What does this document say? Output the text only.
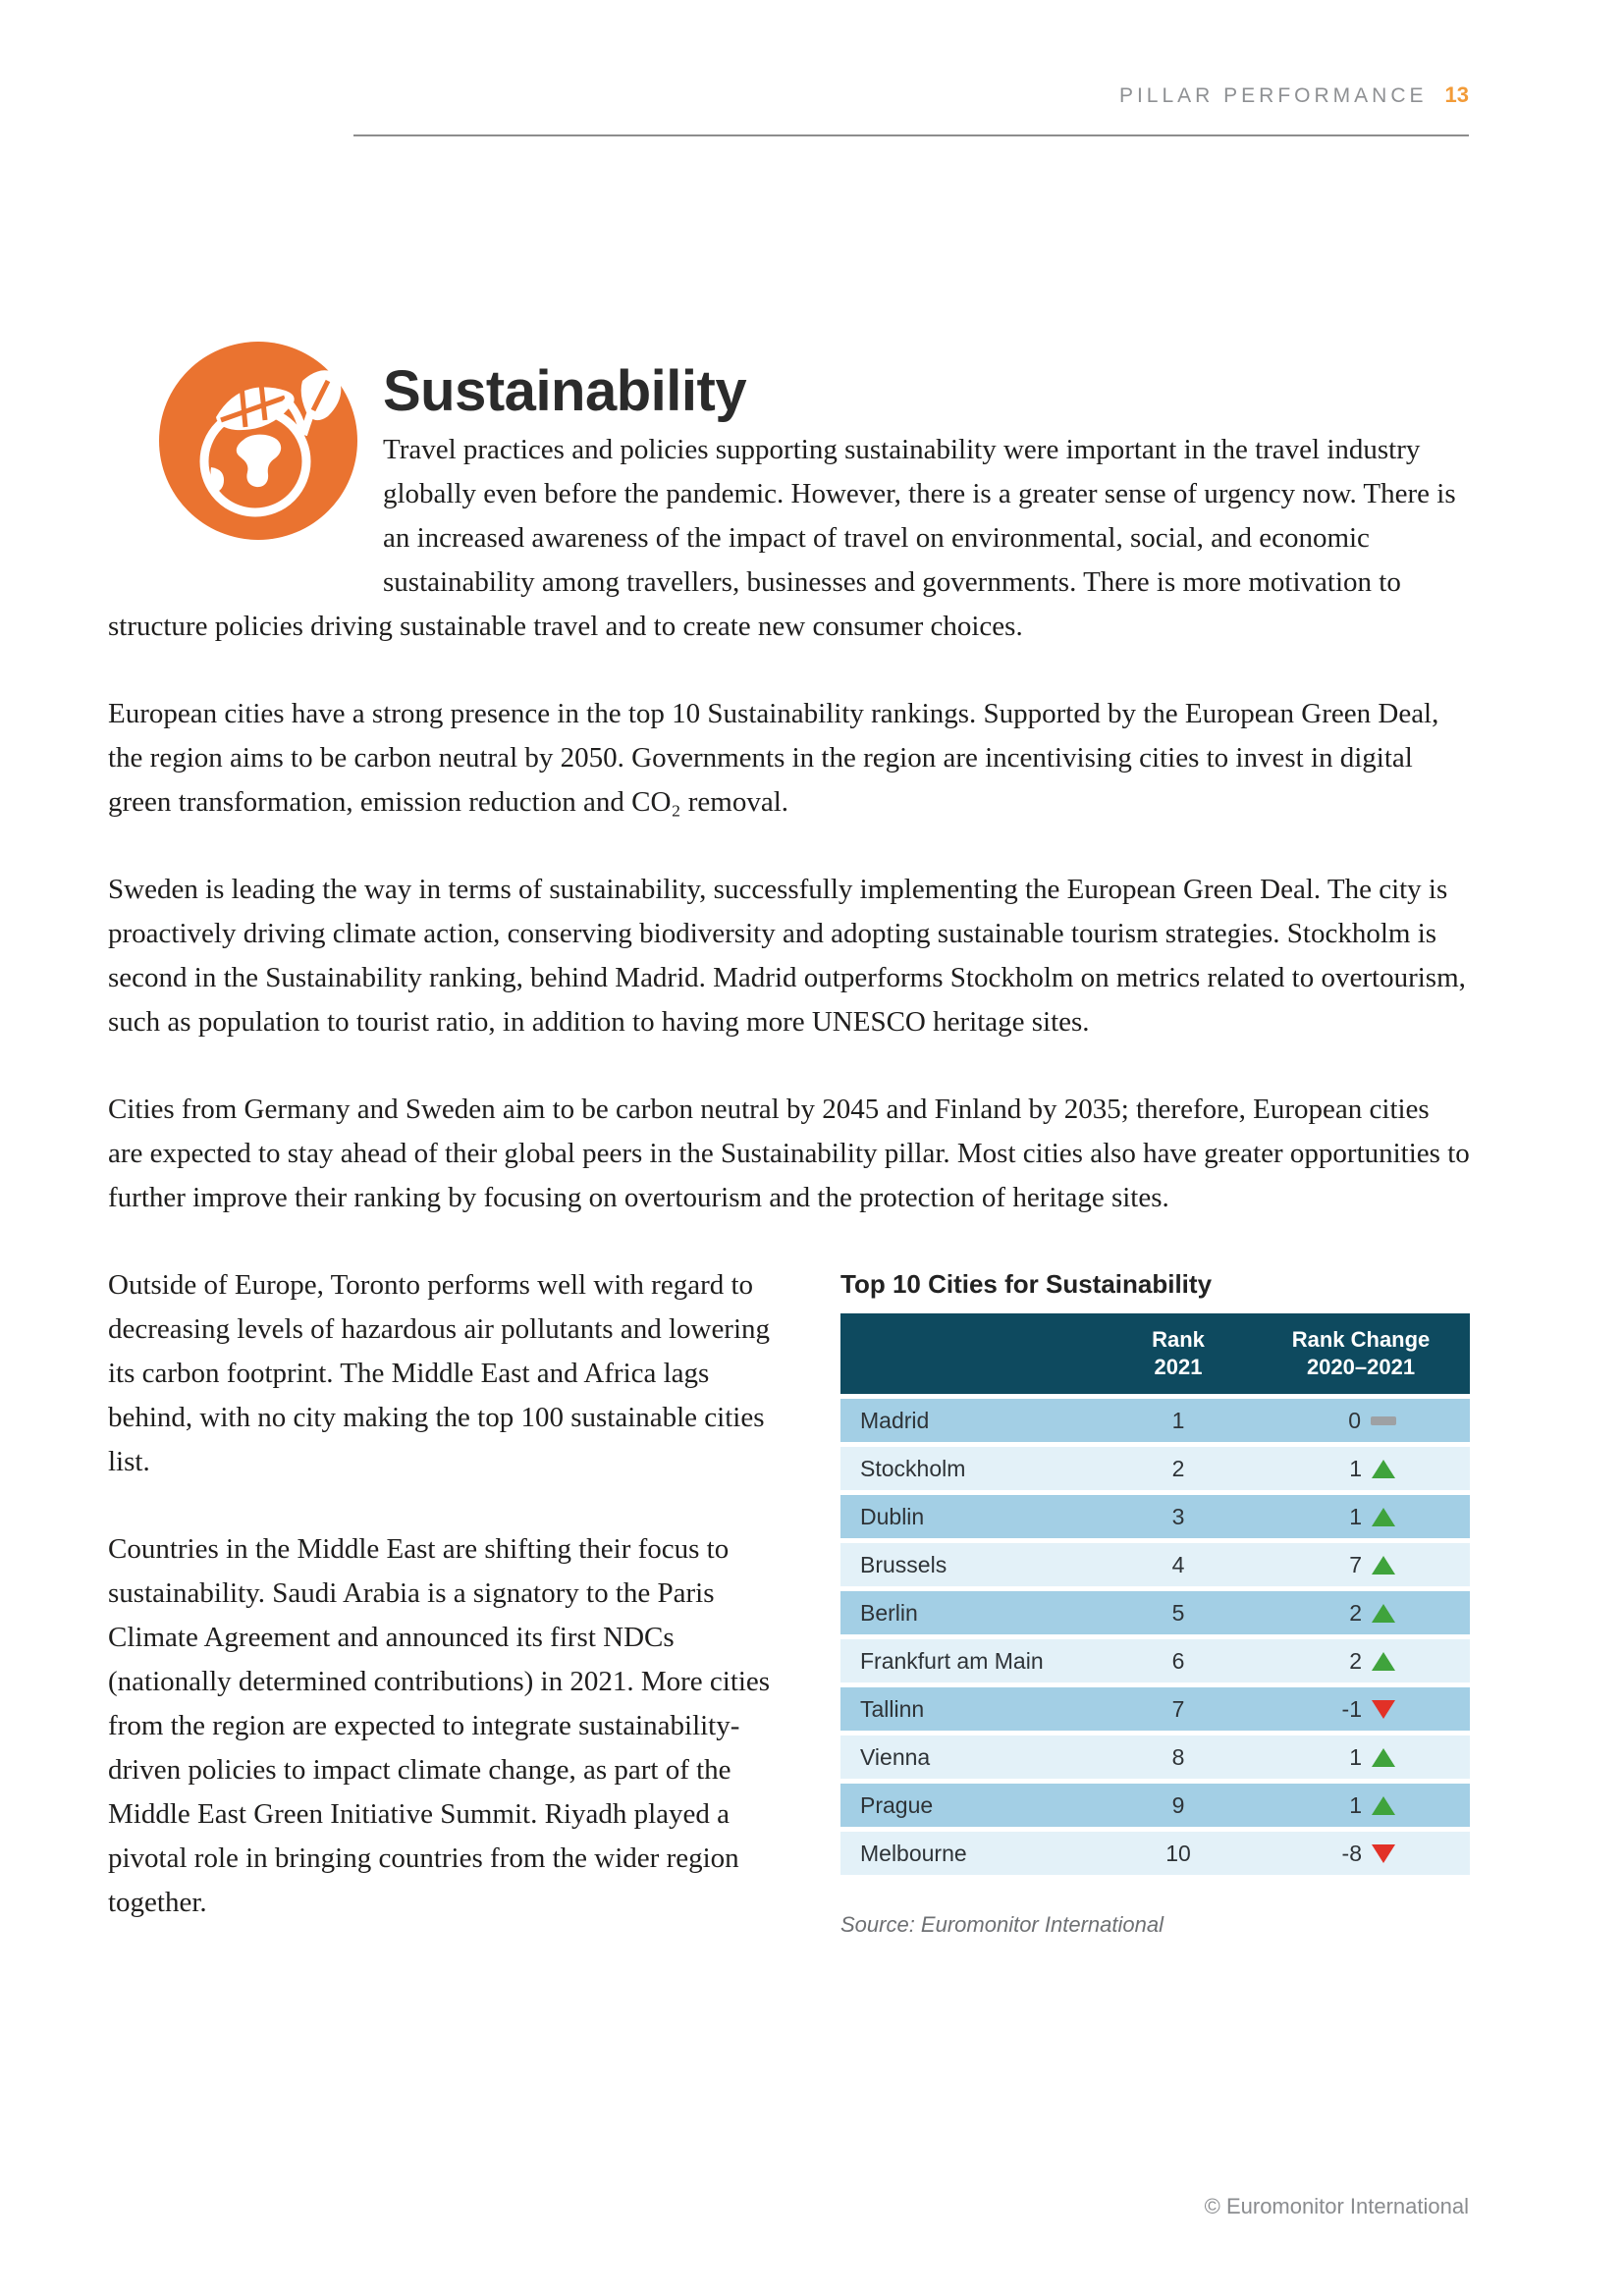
PILLAR PERFORMANCE 13
Sustainability

Travel practices and policies supporting sustainability were important in the travel industry globally even before the pandemic. However, there is a greater sense of urgency now. There is an increased awareness of the impact of travel on environmental, social, and economic sustainability among travellers, businesses and governments. There is more motivation to structure policies driving sustainable travel and to create new consumer choices.

European cities have a strong presence in the top 10 Sustainability rankings. Supported by the European Green Deal, the region aims to be carbon neutral by 2050. Governments in the region are incentivising cities to invest in digital green transformation, emission reduction and CO₂ removal.

Sweden is leading the way in terms of sustainability, successfully implementing the European Green Deal. The city is proactively driving climate action, conserving biodiversity and adopting sustainable tourism strategies. Stockholm is second in the Sustainability ranking, behind Madrid. Madrid outperforms Stockholm on metrics related to overtourism, such as population to tourist ratio, in addition to having more UNESCO heritage sites.

Cities from Germany and Sweden aim to be carbon neutral by 2045 and Finland by 2035; therefore, European cities are expected to stay ahead of their global peers in the Sustainability pillar. Most cities also have greater opportunities to further improve their ranking by focusing on overtourism and the protection of heritage sites.

Outside of Europe, Toronto performs well with regard to decreasing levels of hazardous air pollutants and lowering its carbon footprint. The Middle East and Africa lags behind, with no city making the top 100 sustainable cities list.

Countries in the Middle East are shifting their focus to sustainability. Saudi Arabia is a signatory to the Paris Climate Agreement and announced its first NDCs (nationally determined contributions) in 2021. More cities from the region are expected to integrate sustainability-driven policies to impact climate change, as part of the Middle East Green Initiative Summit. Riyadh played a pivotal role in bringing countries from the wider region together.

Top 10 Cities for Sustainability
Rank
2021
Rank Change
2020–2021
Madrid	1	0
Stockholm	2	1
Dublin	3	1
Brussels	4	7
Berlin	5	2
Frankfurt am Main	6	2
Tallinn	7	-1
Vienna	8	1
Prague	9	1
Melbourne	10	-8

Source: Euromonitor International

© Euromonitor International
